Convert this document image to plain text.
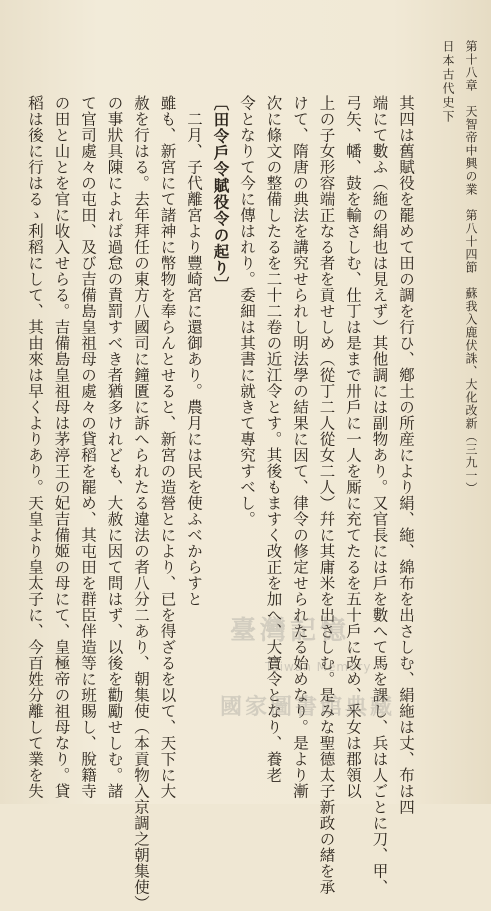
日本古代史下 第十八章　天智帝中興の業　第八十四節　蘇我入鹿伏誅、大化改新（三九一）
其四は舊賦役を罷めて田の調を行ひ、鄕土の所産により絹、絁、綿布を出さしむ、絹絁は丈、布は四
端にて數ふ（絁の絹也は見えず）其他調には副物あり。又官長には戶を數へて馬を課し、兵は人ごとに刀、甲、
弓矢、幡、鼓を輸さしむ、仕丁は是まで卅戶に一人を厮に充てたるを五十戶に改め、釆女は郡領以
上の子女形容端正なる者を貢せしめ（從丁二人從女二人）幷に其庸米を出さしむ。是みな聖德太子新政の緖を承
けて、隋唐の典法を講究せられし明法學の結果に因て、律令の修定せられたる始めなり。是より漸
次に條文の整備したるを二十二卷の近江令とす。其後もますく改正を加へ、大寶令となり、養老
令となりて今に傳はれり。委細は其書に就きて專究すべし。
〔田令戶令賦役令の起り〕
二月、子代離宮より豐崎宮に還御あり。農月には民を使ふべからすと
雖も、新宮にて諸神に幣物を奉らんとせると、新宮の造營とにより、已を得ざるを以て、天下に大
赦を行はる。去年拜任の東方八國司に鐘匱に訴へられたる違法の者八分二あり、朝集使（本貢物入京調之朝集使）
の事狀具陳によれば過怠の責罰すべき者猶多けれども、大赦に因て問はず、以後を勸勵せしむ。諸
て官司處々の屯田、及び吉備島皇祖母の處々の貸稻を罷め、其屯田を群臣伴造等に班賜し、脫籍寺
の田と山とを官に收入せらる。吉備島皇祖母は茅渟王の妃吉備姬の母にて、皇極帝の祖母なり。貸
稻は後に行はるゝ利稻にして、其由來は早くよりあり。天皇より皇太子に、今百姓分離して業を失	臺灣記憶
Taiwan Memory
國家圖書館典藏
